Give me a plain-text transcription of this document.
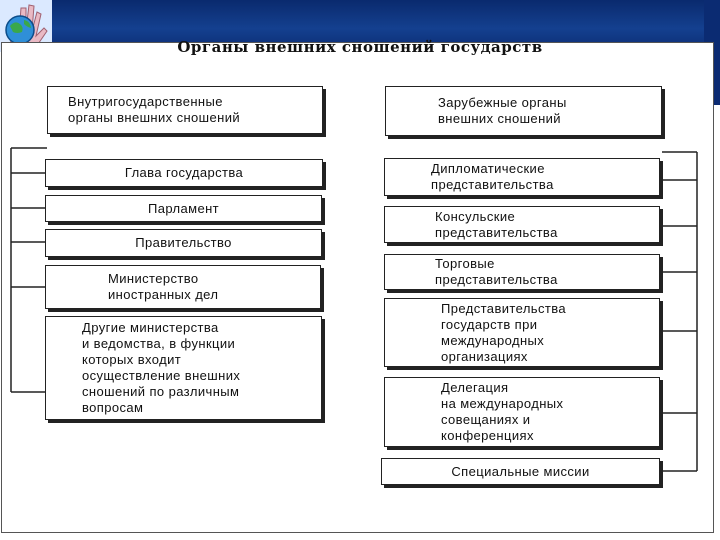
Органы внешних сношений государств
Внутригосударственные
органы внешних сношений
Глава государства
Парламент
Правительство
Министерство
иностранных дел
Другие министерства
и ведомства, в функции
которых входит
осуществление внешних
сношений по различным
вопросам
Зарубежные органы
внешних сношений
Дипломатические
представительства
Консульские
представительства
Торговые
представительства
Представительства
государств при
международных
организациях
Делегация
на международных
совещаниях и
конференциях
Специальные миссии
